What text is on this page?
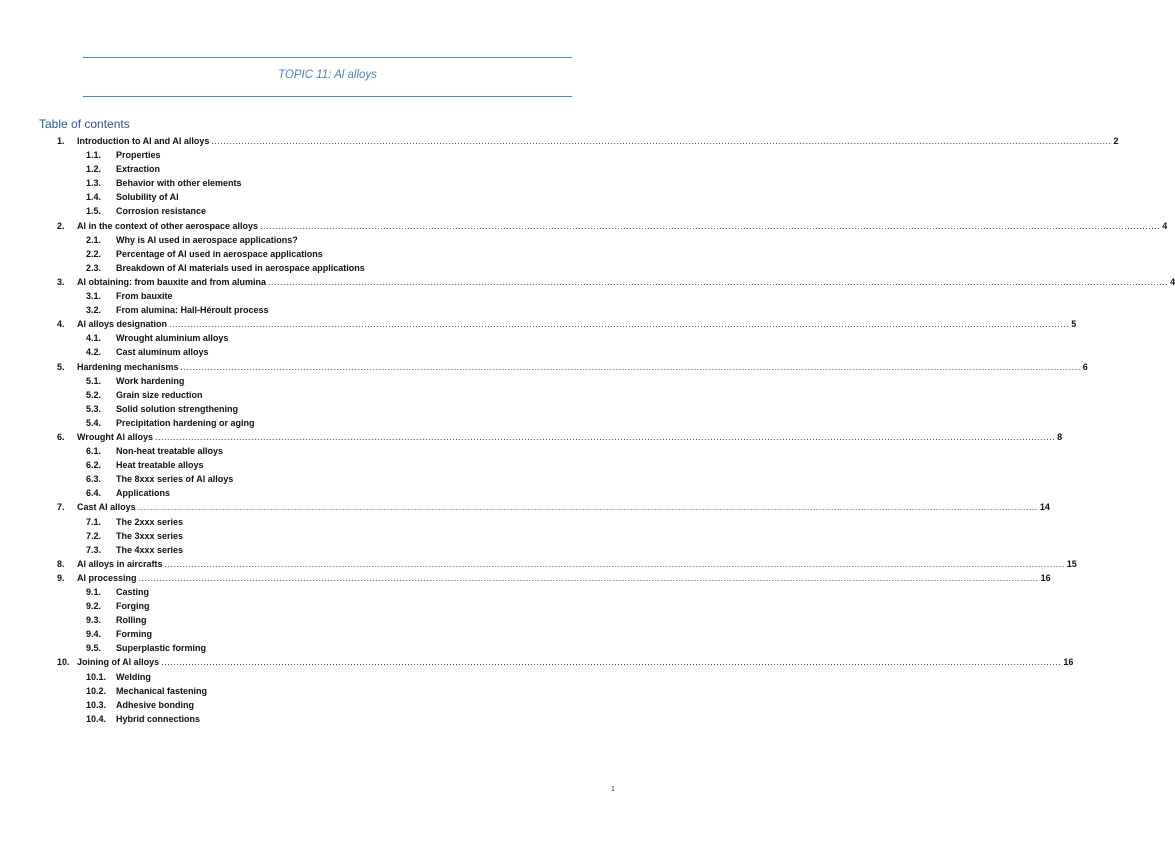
TOPIC 11: Al alloys
Table of contents
1. Introduction to Al and Al alloys ............................................................................................................................................................................................................................................................................................................ 2
1.1. Properties
1.2. Extraction
1.3. Behavior with other elements
1.4. Solubility of Al
1.5. Corrosion resistance
2. Al in the context of other aerospace alloys ............................................................................................................................................................................................................................................................................................................ 4
2.1. Why is Al used in aerospace applications?
2.2. Percentage of Al used in aerospace applications
2.3. Breakdown of Al materials used in aerospace applications
3. Al obtaining: from bauxite and from alumina ............................................................................................................................................................................................................................................................................................................ 4
3.1. From bauxite
3.2. From alumina: Hall-Héroult process
4. Al alloys designation ............................................................................................................................................................................................................................................................................................................ 5
4.1. Wrought aluminium alloys
4.2. Cast aluminum alloys
5. Hardening mechanisms ............................................................................................................................................................................................................................................................................................................ 6
5.1. Work hardening
5.2. Grain size reduction
5.3. Solid solution strengthening
5.4. Precipitation hardening or aging
6. Wrought Al alloys ............................................................................................................................................................................................................................................................................................................ 8
6.1. Non-heat treatable alloys
6.2. Heat treatable alloys
6.3. The 8xxx series of Al alloys
6.4. Applications
7. Cast Al alloys ............................................................................................................................................................................................................................................................................................................ 14
7.1. The 2xxx series
7.2. The 3xxx series
7.3. The 4xxx series
8. Al alloys in aircrafts ............................................................................................................................................................................................................................................................................................................ 15
9. Al processing ............................................................................................................................................................................................................................................................................................................ 16
9.1. Casting
9.2. Forging
9.3. Rolling
9.4. Forming
9.5. Superplastic forming
10. Joining of Al alloys ............................................................................................................................................................................................................................................................................................................ 16
10.1. Welding
10.2. Mechanical fastening
10.3. Adhesive bonding
10.4. Hybrid connections
1
